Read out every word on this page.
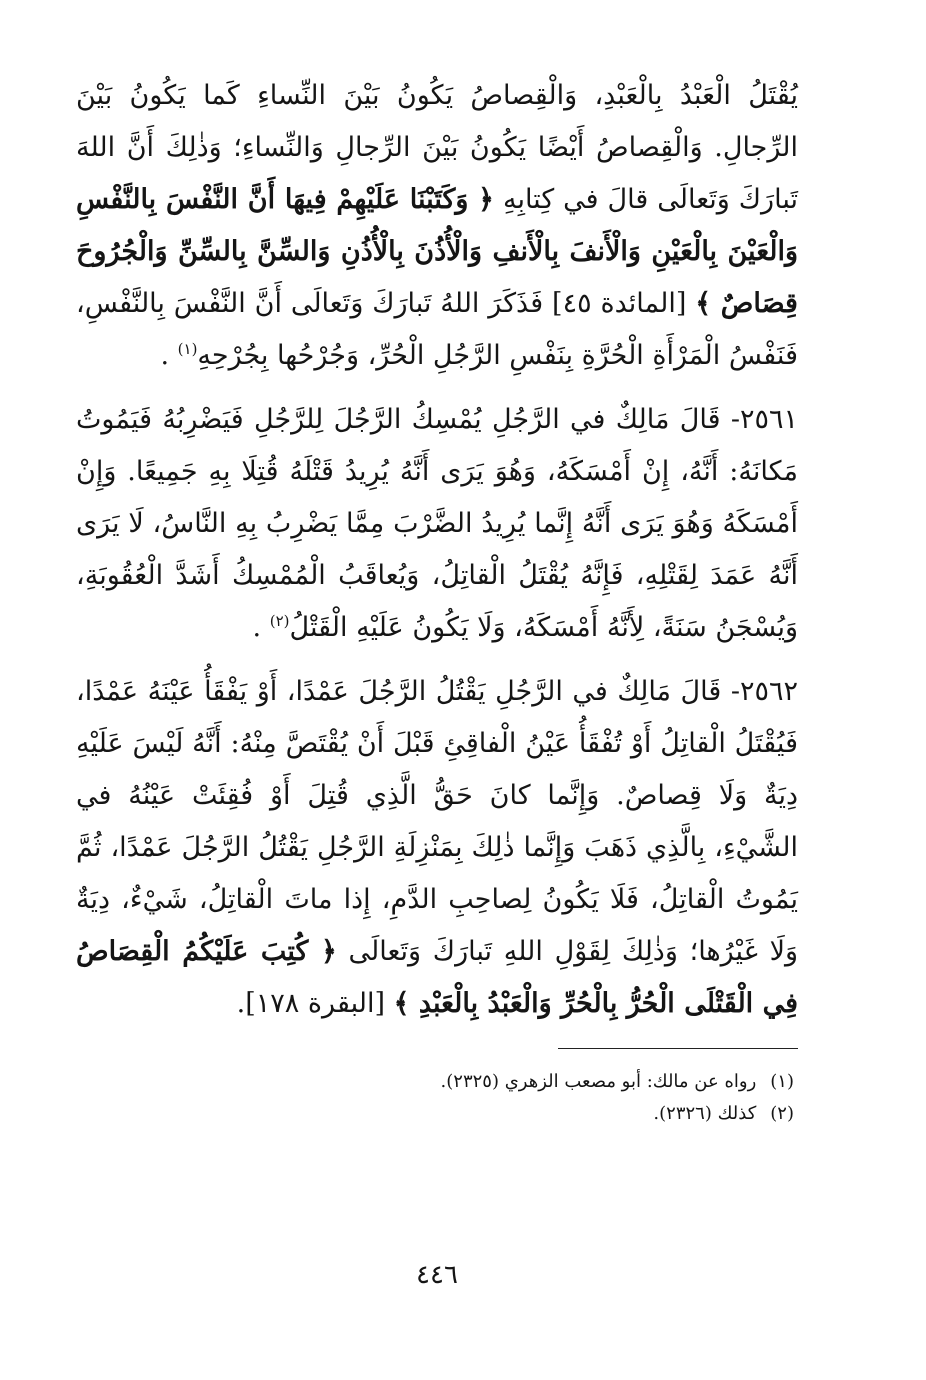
يُقْتَلُ الْعَبْدُ بِالْعَبْدِ، وَالْقِصاصُ يَكُونُ بَيْنَ النِّساءِ كَما يَكُونُ بَيْنَ الرِّجالِ. وَالْقِصاصُ أَيْضًا يَكُونُ بَيْنَ الرِّجالِ وَالنِّساءِ؛ وَذٰلِكَ أَنَّ اللهَ تَبارَكَ وَتَعالَى قالَ في كِتابِهِ ﴿ وَكَتَبْنَا عَلَيْهِمْ فِيهَا أَنَّ النَّفْسَ بِالنَّفْسِ وَالْعَيْنَ بِالْعَيْنِ وَالْأَنفَ بِالْأَنفِ وَالْأُذُنَ بِالْأُذُنِ وَالسِّنَّ بِالسِّنِّ وَالْجُرُوحَ قِصَاصٌ ﴾ [المائدة ٤٥] فَذَكَرَ اللهُ تَبارَكَ وَتَعالَى أَنَّ النَّفْسَ بِالنَّفْسِ، فَنَفْسُ الْمَرْأَةِ الْحُرَّةِ بِنَفْسِ الرَّجُلِ الْحُرِّ، وَجُرْحُها بِجُرْحِهِ$^{(١)}$ .

٢٥٦١- قَالَ مَالِكٌ في الرَّجُلِ يُمْسِكُ الرَّجُلَ لِلرَّجُلِ فَيَضْرِبُهُ فَيَمُوتُ مَكانَهُ: أَنَّهُ، إِنْ أَمْسَكَهُ، وَهُوَ يَرَى أَنَّهُ يُرِيدُ قَتْلَهُ قُتِلَا بِهِ جَمِيعًا. وَإِنْ أَمْسَكَهُ وَهُوَ يَرَى أَنَّهُ إِنَّما يُرِيدُ الضَّرْبَ مِمَّا يَضْرِبُ بِهِ النَّاسُ، لَا يَرَى أَنَّهُ عَمَدَ لِقَتْلِهِ، فَإِنَّهُ يُقْتَلُ الْقاتِلُ، وَيُعاقَبُ الْمُمْسِكُ أَشَدَّ الْعُقُوبَةِ، وَيُسْجَنُ سَنَةً، لِأَنَّهُ أَمْسَكَهُ، وَلَا يَكُونُ عَلَيْهِ الْقَتْلُ$^{(٢)}$ .

٢٥٦٢- قَالَ مَالِكٌ في الرَّجُلِ يَقْتُلُ الرَّجُلَ عَمْدًا، أَوْ يَفْقَأُ عَيْنَهُ عَمْدًا، فَيُقْتَلُ الْقاتِلُ أَوْ تُفْقَأُ عَيْنُ الْفاقِئِ قَبْلَ أَنْ يُقْتَصَّ مِنْهُ: أَنَّهُ لَيْسَ عَلَيْهِ دِيَةٌ وَلَا قِصاصٌ. وَإِنَّما كانَ حَقُّ الَّذِي قُتِلَ أَوْ فُقِئَتْ عَيْنُهُ في الشَّيْءِ، بِالَّذِي ذَهَبَ وَإِنَّما ذٰلِكَ بِمَنْزِلَةِ الرَّجُلِ يَقْتُلُ الرَّجُلَ عَمْدًا، ثُمَّ يَمُوتُ الْقاتِلُ، فَلَا يَكُونُ لِصاحِبِ الدَّمِ، إِذا ماتَ الْقاتِلُ، شَيْءٌ، دِيَةٌ وَلَا غَيْرُها؛ وَذٰلِكَ لِقَوْلِ اللهِ تَبارَكَ وَتَعالَى ﴿ كُتِبَ عَلَيْكُمُ الْقِصَاصُ فِي الْقَتْلَى الْحُرُّ بِالْحُرِّ وَالْعَبْدُ بِالْعَبْدِ ﴾ [البقرة ١٧٨].

(١)رواه عن مالك: أبو مصعب الزهري (٢٣٢٥).

(٢)كذلك (٢٣٢٦).

٤٤٦
